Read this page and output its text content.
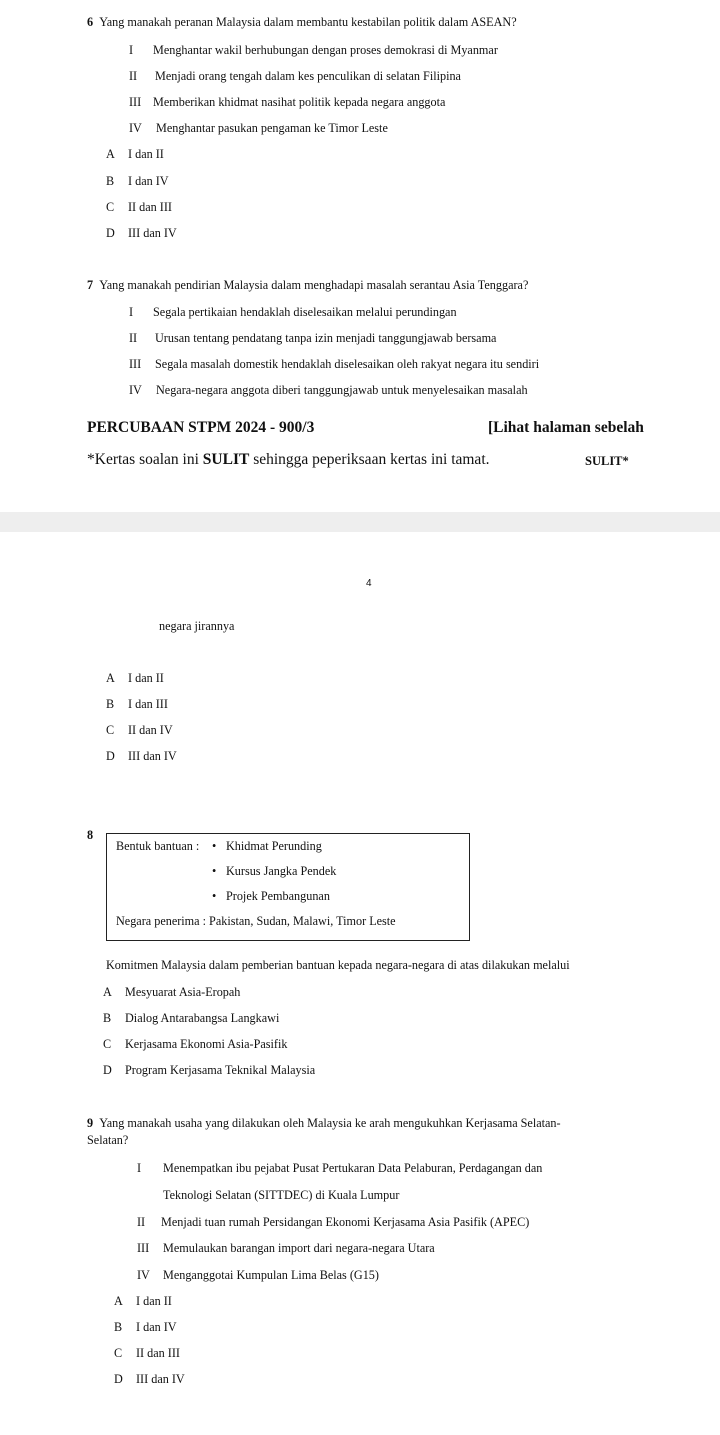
6 Yang manakah peranan Malaysia dalam membantu kestabilan politik dalam ASEAN?
I Menghantar wakil berhubungan dengan proses demokrasi di Myanmar
II Menjadi orang tengah dalam kes penculikan di selatan Filipina
III Memberikan khidmat nasihat politik kepada negara anggota
IV Menghantar pasukan pengaman ke Timor Leste
A I dan II
B I dan IV
C II dan III
D III dan IV
7 Yang manakah pendirian Malaysia dalam menghadapi masalah serantau Asia Tenggara?
I Segala pertikaian hendaklah diselesaikan melalui perundingan
II Urusan tentang pendatang tanpa izin menjadi tanggungjawab bersama
III Segala masalah domestik hendaklah diselesaikan oleh rakyat negara itu sendiri
IV Negara-negara anggota diberi tanggungjawab untuk menyelesaikan masalah
PERCUBAAN STPM 2024 - 900/3	[Lihat halaman sebelah
*Kertas soalan ini SULIT sehingga peperiksaan kertas ini tamat.	SULIT*
4
negara jirannya
A I dan II
B I dan III
C II dan IV
D III dan IV
8
Bentuk bantuan : • Khidmat Perunding
• Kursus Jangka Pendek
• Projek Pembangunan
Negara penerima : Pakistan, Sudan, Malawi, Timor Leste
Komitmen Malaysia dalam pemberian bantuan kepada negara-negara di atas dilakukan melalui
A Mesyuarat Asia-Eropah
B Dialog Antarabangsa Langkawi
C Kerjasama Ekonomi Asia-Pasifik
D Program Kerjasama Teknikal Malaysia
9 Yang manakah usaha yang dilakukan oleh Malaysia ke arah mengukuhkan Kerjasama Selatan-
Selatan?
I Menempatkan ibu pejabat Pusat Pertukaran Data Pelaburan, Perdagangan dan
Teknologi Selatan (SITTDEC) di Kuala Lumpur
II Menjadi tuan rumah Persidangan Ekonomi Kerjasama Asia Pasifik (APEC)
III Memulaukan barangan import dari negara-negara Utara
IV Menganggotai Kumpulan Lima Belas (G15)
A I dan II
B I dan IV
C II dan III
D III dan IV
